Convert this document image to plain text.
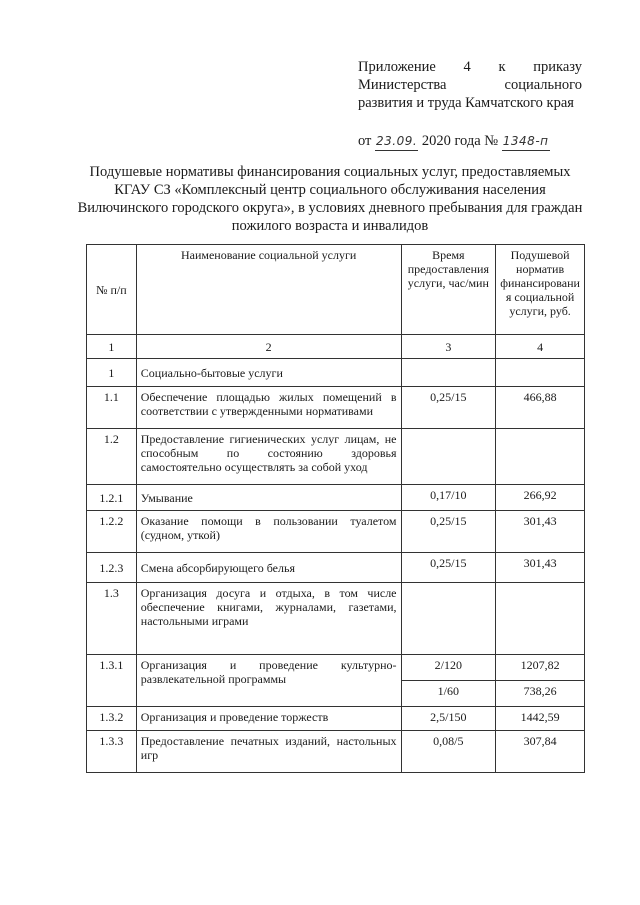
Приложение 4 к приказу
Министерства	социального
развития и труда Камчатского края
от 23.09. 2020 года № 1348-п
Подушевые нормативы финансирования социальных услуг, предоставляемых КГАУ СЗ «Комплексный центр социального обслуживания населения Вилючинского городского округа», в условиях дневного пребывания для граждан пожилого возраста и инвалидов
№ п/п	Наименование социальной услуги	Время предоставления услуги, час/мин	Подушевой норматив финансировани я социальной услуги, руб.
1	2	3	4
1	Социально-бытовые услуги		
1.1	Обеспечение площадью жилых помещений в соответствии с утвержденными нормативами	0,25/15	466,88
1.2	Предоставление гигиенических услуг лицам, не способным по состоянию здоровья самостоятельно осуществлять за собой уход		
1.2.1	Умывание	0,17/10	266,92
1.2.2	Оказание помощи в пользовании туалетом (судном, уткой)	0,25/15	301,43
1.2.3	Смена абсорбирующего белья	0,25/15	301,43
1.3	Организация досуга и отдыха, в том числе обеспечение книгами, журналами, газетами, настольными играми		
1.3.1	Организация и проведение культурно-развлекательной программы	2/120	1207,82
		1/60	738,26
1.3.2	Организация и проведение торжеств	2,5/150	1442,59
1.3.3	Предоставление печатных изданий, настольных игр	0,08/5	307,84
